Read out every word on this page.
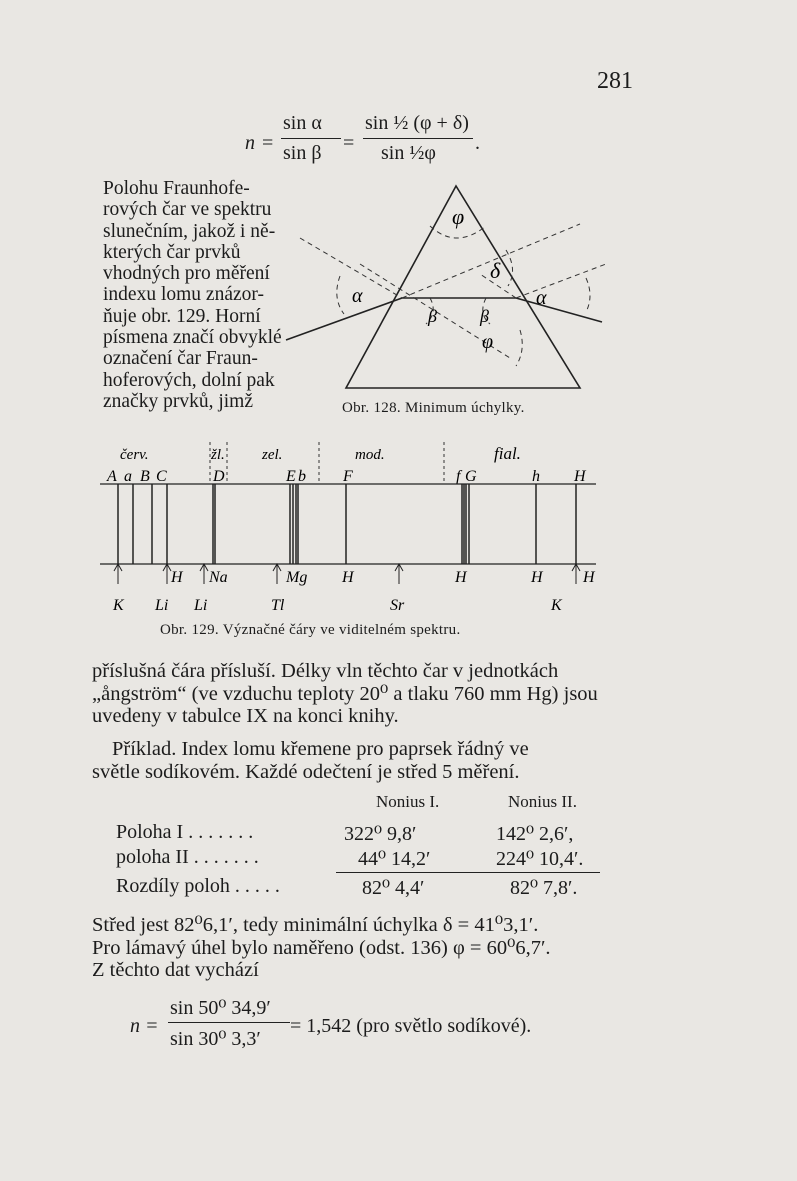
281
n =
sin α
sin β =
sin ½ (φ + δ)
sin ½φ .
Polohu Fraunhofe-
rových čar ve spektru
slunečním, jakož i ně-
kterých čar prvků
vhodných pro měření
indexu lomu znázor-
ňuje obr. 129. Horní
písmena značí obvyklé
označení čar Fraun-
hoferových, dolní pak
značky prvků, jimž
φ
δ
α	α
β β
φ
Obr. 128. Minimum úchylky.
červ.	žl. zel.	mod.	fial.
A a B C	D	E b F	f G	h H
K Li
H
Li
Na
Tl
Mg H
Sr
H	H	H
K
Obr. 129. Význačné čáry ve viditelném spektru.
příslušná čára přísluší. Délky vln těchto čar v jednotkách
„ångström“ (ve vzduchu teploty 20⁰ a tlaku 760 mm Hg) jsou
uvedeny v tabulce IX na konci knihy.
Příklad. Index lomu křemene pro paprsek řádný ve
světle sodíkovém. Každé odečtení je střed 5 měření.
Nonius I.	Nonius II.
Poloha I . . . . . . .	322⁰ 9,8′	142⁰ 2,6′,
poloha II . . . . . . .	44⁰ 14,2′	224⁰ 10,4′.
Rozdíly poloh . . . . .	82⁰ 4,4′	82⁰ 7,8′.
Střed jest 82⁰6,1′, tedy minimální úchylka δ = 41⁰3,1′.
Pro lámavý úhel bylo naměřeno (odst. 136) φ = 60⁰6,7′.
Z těchto dat vychází
n =
sin 50⁰ 34,9′
sin 30⁰ 3,3′
= 1,542 (pro světlo sodíkové).
